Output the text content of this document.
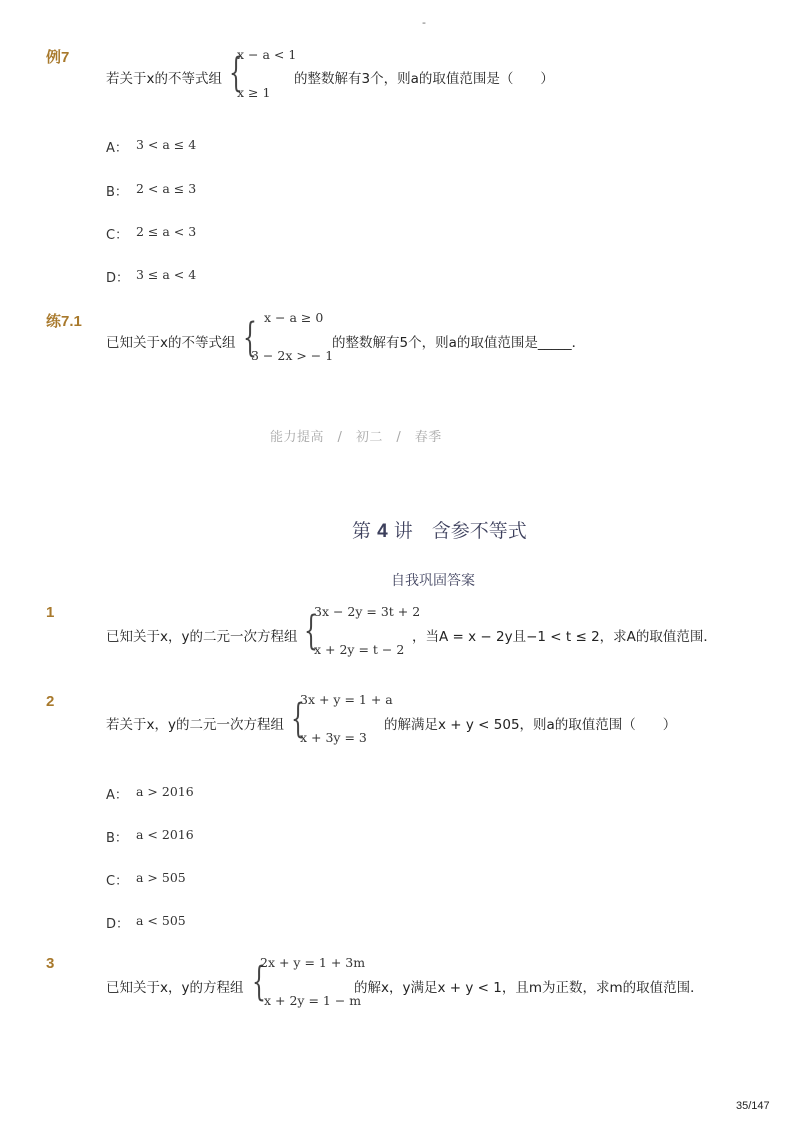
-
例7
若关于x的不等式组 {
x − a < 1
x ≥ 1
的整数解有3个，则a的取值范围是（　　）
A： 3 < a ≤ 4
B： 2 < a ≤ 3
C： 2 ≤ a < 3
D： 3 ≤ a < 4
练7.1
已知关于x的不等式组 { x − a ≥ 0
3 − 2x > − 1
的整数解有5个，则a的取值范围是_____．
能力提高　/　初二　/　春季
第 4 讲　含参不等式
自我巩固答案
1
已知关于x，y的二元一次方程组 {
3x − 2y = 3t + 2
x + 2y = t − 2
，当A = x − 2y且−1 < t ≤ 2，求A的取值范围．
2
若关于x，y的二元一次方程组 {
3x + y = 1 + a
x + 3y = 3
的解满足x + y < 505，则a的取值范围（　　）
A： a > 2016
B： a < 2016
C： a > 505
D： a < 505
3
已知关于x，y的方程组 {
2x + y = 1 + 3m
x + 2y = 1 − m
的解x，y满足x + y < 1，且m为正数，求m的取值范围．
35/147
